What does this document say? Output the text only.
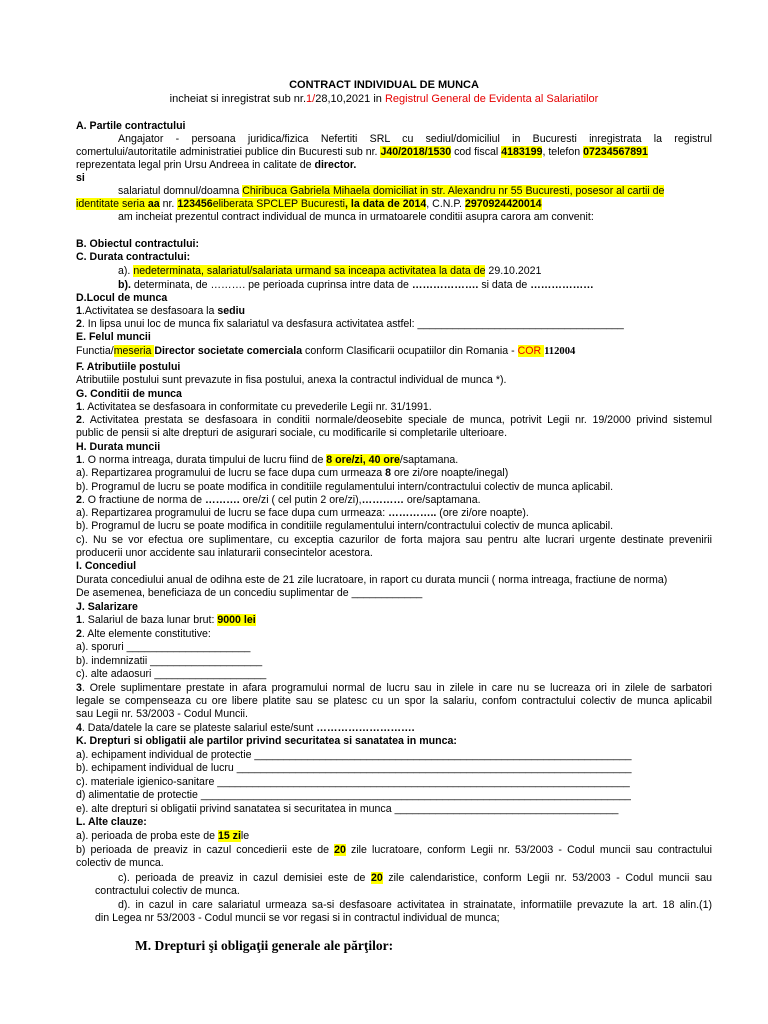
CONTRACT INDIVIDUAL DE MUNCA
incheiat si inregistrat sub nr.1/28,10,2021 in Registrul General de Evidenta al Salariatilor
A. Partile contractului
Angajator - persoana juridica/fizica Nefertiti SRL cu sediul/domiciliul in Bucuresti inregistrata la registrul
comertului/autoritatile administratiei publice din Bucuresti sub nr. J40/2018/1530 cod fiscal 4183199, telefon 07234567891
reprezentata legal prin Ursu Andreea in calitate de director.
si
salariatul domnul/doamna Chiribuca Gabriela Mihaela domiciliat in str. Alexandru nr 55 Bucuresti, posesor al cartii de
identitate seria aa nr. 123456eliberata SPCLEP Bucuresti, la data de 2014, C.N.P. 2970924420014
am incheiat prezentul contract individual de munca in urmatoarele conditii asupra carora am convenit:
B. Obiectul contractului:
C. Durata contractului:
a). nedeterminata, salariatul/salariata urmand sa inceapa activitatea la data de 29.10.2021
b). determinata, de ………. pe perioada cuprinsa intre data de ………………. si data de ………………
D.Locul de munca
1.Activitatea se desfasoara la sediu
2. In lipsa unui loc de munca fix salariatul va desfasura activitatea astfel: ___________________________________
E. Felul muncii
Functia/meseria Director societate comerciala conform Clasificarii ocupatiilor din Romania - COR 112004
F. Atributiile postului
Atributiile postului sunt prevazute in fisa postului, anexa la contractul individual de munca *).
G. Conditii de munca
1. Activitatea se desfasoara in conformitate cu prevederile Legii nr. 31/1991.
2. Activitatea prestata se desfasoara in conditii normale/deosebite speciale de munca, potrivit Legii nr. 19/2000 privind sistemul
public de pensii si alte drepturi de asigurari sociale, cu modificarile si completarile ulterioare.
H. Durata muncii
1. O norma intreaga, durata timpului de lucru fiind de 8 ore/zi, 40 ore/saptamana.
a). Repartizarea programului de lucru se face dupa cum urmeaza 8 ore zi/ore noapte/inegal)
b). Programul de lucru se poate modifica in conditiile regulamentului intern/contractului colectiv de munca aplicabil.
2. O fractiune de norma de ………. ore/zi ( cel putin 2 ore/zi),………… ore/saptamana.
a). Repartizarea programului de lucru se face dupa cum urmeaza: ………….. (ore zi/ore noapte).
b). Programul de lucru se poate modifica in conditiile regulamentului intern/contractului colectiv de munca aplicabil.
c). Nu se vor efectua ore suplimentare, cu exceptia cazurilor de forta majora sau pentru alte lucrari urgente destinate prevenirii
producerii unor accidente sau inlaturarii consecintelor acestora.
I. Concediul
Durata concediului anual de odihna este de 21 zile lucratoare, in raport cu durata muncii ( norma intreaga, fractiune de norma)
De asemenea, beneficiaza de un concediu suplimentar de ____________
J. Salarizare
1. Salariul de baza lunar brut: 9000 lei
2. Alte elemente constitutive:
a). sporuri _____________________
b). indemnizatii ___________________
c). alte adaosuri ___________________
3. Orele suplimentare prestate in afara programului normal de lucru sau in zilele in care nu se lucreaza ori in zilele de sarbatori
legale se compenseaza cu ore libere platite sau se platesc cu un spor la salariu, confom contractului colectiv de munca aplicabil
sau Legii nr. 53/2003 - Codul Muncii.
4. Data/datele la care se plateste salariul este/sunt ……………………….
K. Drepturi si obligatii ale partilor privind securitatea si sanatatea in munca:
a). echipament individual de protectie ________________________________________________________________
b). echipament individual de lucru ___________________________________________________________________
c). materiale igienico-sanitare ______________________________________________________________________
d) alimentatie de protectie _________________________________________________________________________
e). alte drepturi si obligatii privind sanatatea si securitatea in munca ______________________________________
L. Alte clauze:
a). perioada de proba este de 15 zile
b) perioada de preaviz in cazul concedierii este de 20 zile lucratoare, conform Legii nr. 53/2003 - Codul muncii sau contractului
colectiv de munca.
c). perioada de preaviz in cazul demisiei este de 20 zile calendaristice, conform Legii nr. 53/2003 - Codul muncii sau
contractului colectiv de munca.
d). in cazul in care salariatul urmeaza sa-si desfasoare activitatea in strainatate, informatiile prevazute la art. 18 alin.(1)
din Legea nr 53/2003 - Codul muncii se vor regasi si in contractul individual de munca;
M. Drepturi şi obligaţii generale ale părţilor:
